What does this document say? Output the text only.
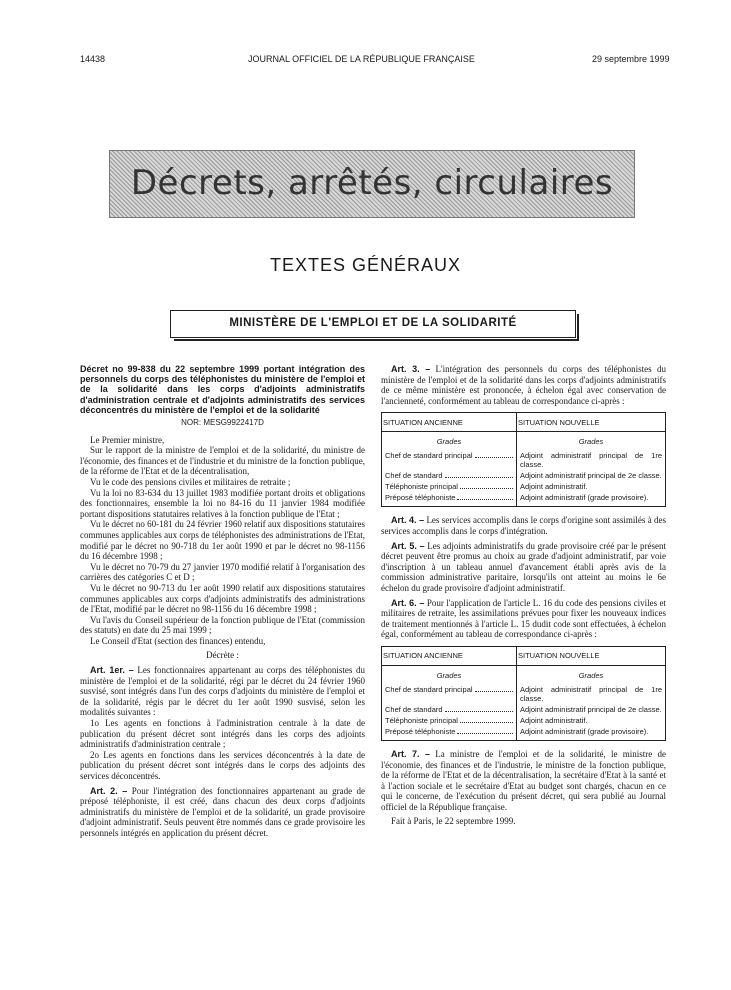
14438	JOURNAL OFFICIEL DE LA RÉPUBLIQUE FRANÇAISE	29 septembre 1999
Décrets, arrêtés, circulaires
TEXTES GÉNÉRAUX
MINISTÈRE DE L'EMPLOI ET DE LA SOLIDARITÉ

Décret no 99-838 du 22 septembre 1999 portant intégration des personnels du corps des téléphonistes du ministère de l'emploi et de la solidarité dans les corps d'adjoints administratifs d'administration centrale et d'adjoints administratifs des services déconcentrés du ministère de l'emploi et de la solidarité

NOR: MESG9922417D

Le Premier ministre,

Sur le rapport de la ministre de l'emploi et de la solidarité, du ministre de l'économie, des finances et de l'industrie et du ministre de la fonction publique, de la réforme de l'Etat et de la décentralisation,

Vu le code des pensions civiles et militaires de retraite ;

Vu la loi no 83-634 du 13 juillet 1983 modifiée portant droits et obligations des fonctionnaires, ensemble la loi no 84-16 du 11 janvier 1984 modifiée portant dispositions statutaires relatives à la fonction publique de l'Etat ;

Vu le décret no 60-181 du 24 février 1960 relatif aux dispositions statutaires communes applicables aux corps de téléphonistes des administrations de l'Etat, modifié par le décret no 90-718 du 1er août 1990 et par le décret no 98-1156 du 16 décembre 1998 ;

Vu le décret no 70-79 du 27 janvier 1970 modifié relatif à l'organisation des carrières des catégories C et D ;

Vu le décret no 90-713 du 1er août 1990 relatif aux dispositions statutaires communes applicables aux corps d'adjoints administratifs des administrations de l'Etat, modifié par le décret no 98-1156 du 16 décembre 1998 ;

Vu l'avis du Conseil supérieur de la fonction publique de l'Etat (commission des statuts) en date du 25 mai 1999 ;

Le Conseil d'Etat (section des finances) entendu,

Décrète :

Art. 1er. – Les fonctionnaires appartenant au corps des téléphonistes du ministère de l'emploi et de la solidarité, régi par le décret du 24 février 1960 susvisé, sont intégrés dans l'un des corps d'adjoints du ministère de l'emploi et de la solidarité, régis par le décret du 1er août 1990 susvisé, selon les modalités suivantes :

1o Les agents en fonctions à l'administration centrale à la date de publication du présent décret sont intégrés dans les corps des adjoints administratifs d'administration centrale ;

2o Les agents en fonctions dans les services déconcentrés à la date de publication du présent décret sont intégrés dans le corps des adjoints des services déconcentrés.

Art. 2. – Pour l'intégration des fonctionnaires appartenant au grade de préposé téléphoniste, il est créé, dans chacun des deux corps d'adjoints administratifs du ministère de l'emploi et de la solidarité, un grade provisoire d'adjoint administratif. Seuls peuvent être nommés dans ce grade provisoire les personnels intégrés en application du présent décret.

Art. 3. – L'intégration des personnels du corps des téléphonistes du ministère de l'emploi et de la solidarité dans les corps d'adjoints administratifs de ce même ministère est prononcée, à échelon égal avec conservation de l'ancienneté, conformément au tableau de correspondance ci-après :

SITUATION ANCIENNE	SITUATION NOUVELLE
Grades	Grades

Chef de standard principal	Adjoint administratif principal de 1re classe.

Chef de standard	Adjoint administratif principal de 2e classe.

Téléphoniste principal	Adjoint administratif.

Préposé téléphoniste	Adjoint administratif (grade provisoire).

Art. 4. – Les services accomplis dans le corps d'origine sont assimilés à des services accomplis dans le corps d'intégration.

Art. 5. – Les adjoints administratifs du grade provisoire créé par le présent décret peuvent être promus au choix au grade d'adjoint administratif, par voie d'inscription à un tableau annuel d'avancement établi après avis de la commission administrative paritaire, lorsqu'ils ont atteint au moins le 6e échelon du grade provisoire d'adjoint administratif.

Art. 6. – Pour l'application de l'article L. 16 du code des pensions civiles et militaires de retraite, les assimilations prévues pour fixer les nouveaux indices de traitement mentionnés à l'article L. 15 dudit code sont effectuées, à échelon égal, conformément au tableau de correspondance ci-après :

SITUATION ANCIENNE	SITUATION NOUVELLE
Grades	Grades

Chef de standard principal	Adjoint administratif principal de 1re classe.

Chef de standard	Adjoint administratif principal de 2e classe.

Téléphoniste principal	Adjoint administratif.

Préposé téléphoniste	Adjoint administratif (grade provisoire).

Art. 7. – La ministre de l'emploi et de la solidarité, le ministre de l'économie, des finances et de l'industrie, le ministre de la fonction publique, de la réforme de l'Etat et de la décentralisation, la secrétaire d'Etat à la santé et à l'action sociale et le secrétaire d'Etat au budget sont chargés, chacun en ce qui le concerne, de l'exécution du présent décret, qui sera publié au Journal officiel de la République française.

Fait à Paris, le 22 septembre 1999.
